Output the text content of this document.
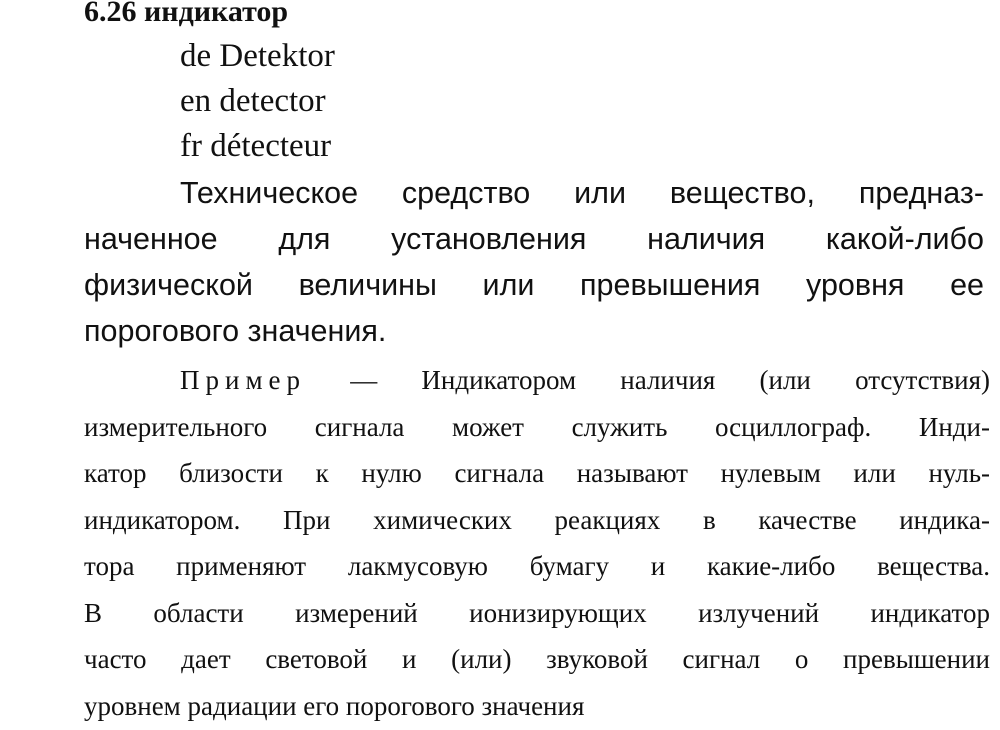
6.26 индикатор

de Detektor

en detector

fr détecteur

Техническое средство или вещество, предназ-
наченное для установления наличия какой-либо
физической величины или превышения уровня ее
порогового значения.
Пример — Индикатором наличия (или отсутствия)
измерительного сигнала может служить осциллограф. Инди-
катор близости к нулю сигнала называют нулевым или нуль-
индикатором. При химических реакциях в качестве индика-
тора применяют лакмусовую бумагу и какие-либо вещества.
В области измерений ионизирующих излучений индикатор
часто дает световой и (или) звуковой сигнал о превышении
уровнем радиации его порогового значения
